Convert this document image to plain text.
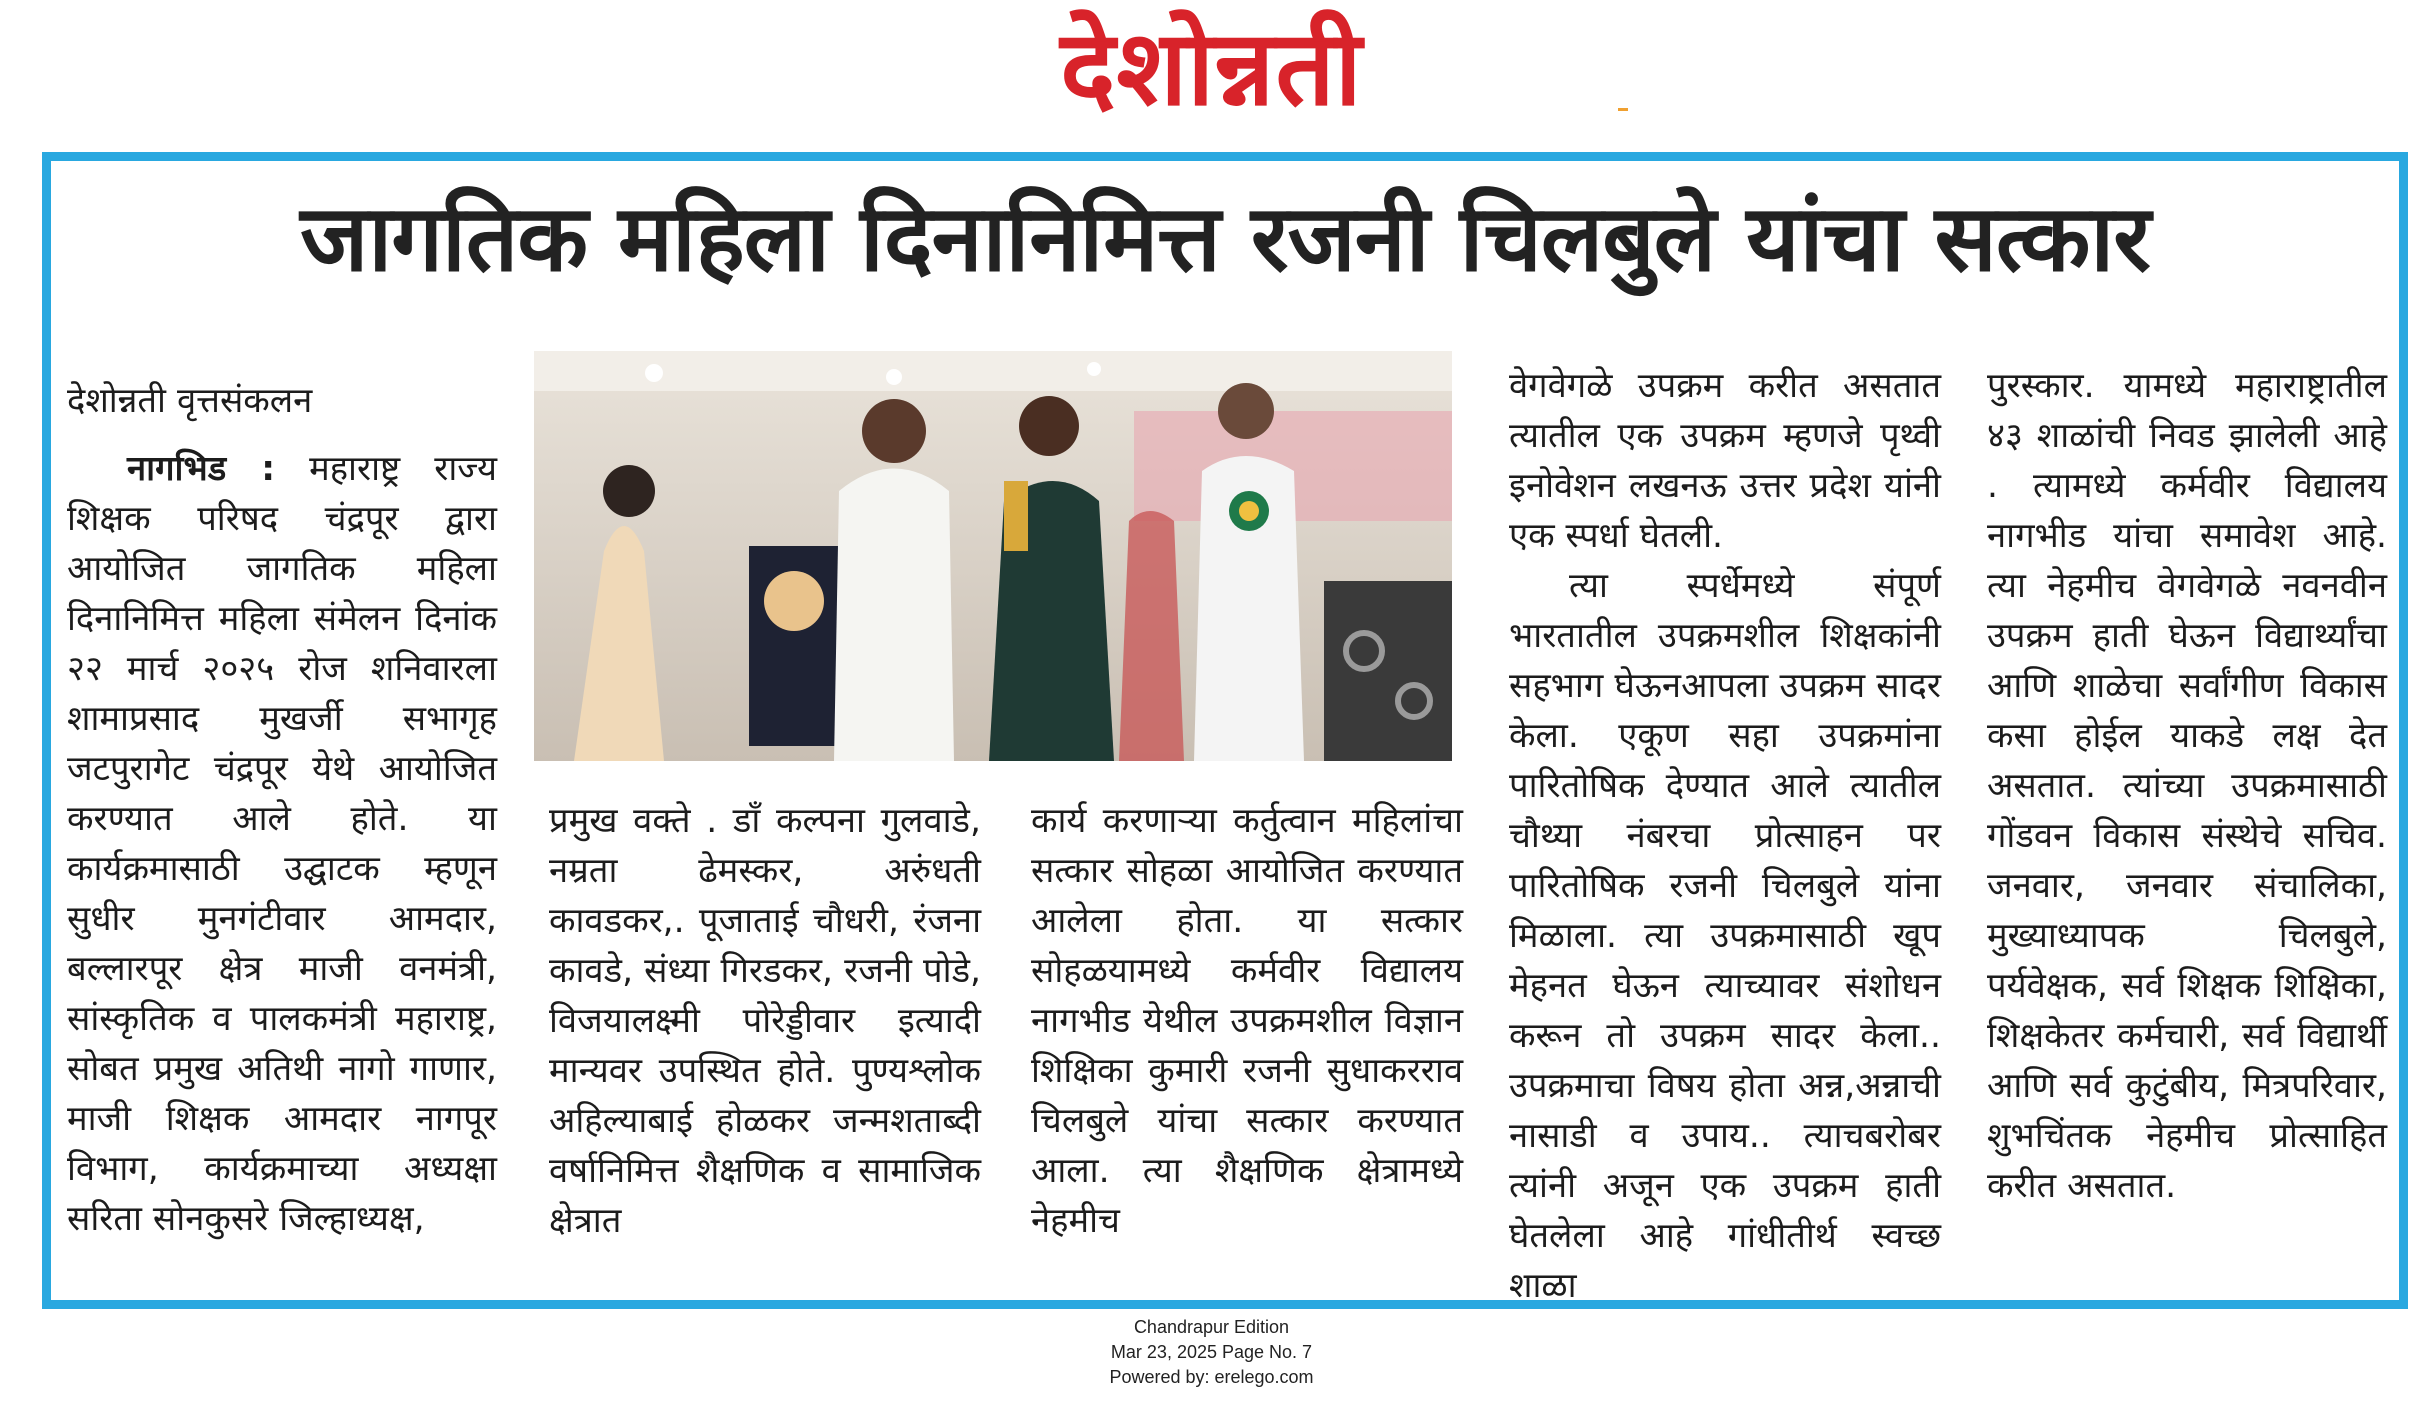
देशोन्नती
जागतिक महिला दिनानिमित्त रजनी चिलबुले यांचा सत्कार

देशोन्नती वृत्तसंकलन

नागभिड : महाराष्ट्र राज्य शिक्षक परिषद चंद्रपूर द्वारा आयोजित जागतिक महिला दिनानिमित्त महिला संमेलन दिनांक २२ मार्च २०२५ रोज शनिवारला शामाप्रसाद मुखर्जी सभागृह जटपुरागेट चंद्रपूर येथे आयोजित करण्यात आले होते. या कार्यक्रमासाठी उद्घाटक म्हणून सुधीर मुनगंटीवार आमदार, बल्लारपूर क्षेत्र माजी वनमंत्री, सांस्कृतिक व पालकमंत्री महाराष्ट्र, सोबत प्रमुख अतिथी नागो गाणार, माजी शिक्षक आमदार नागपूर विभाग, कार्यक्रमाच्या अध्यक्षा सरिता सोनकुसरे जिल्हाध्यक्ष,

प्रमुख वक्ते . डॉं कल्पना गुलवाडे, नम्रता ढेमस्कर, अरुंधती कावडकर,. पूजाताई चौधरी, रंजना कावडे, संध्या गिरडकर, रजनी पोडे, विजयालक्ष्मी पोरेड्डीवार इत्यादी मान्यवर उपस्थित होते. पुण्यश्लोक अहिल्याबाई होळकर जन्मशताब्दी वर्षानिमित्त शैक्षणिक व सामाजिक क्षेत्रात

कार्य करणाऱ्या कर्तुत्वान महिलांचा सत्कार सोहळा आयोजित करण्यात आलेला होता. या सत्कार सोहळयामध्ये कर्मवीर विद्यालय नागभीड येथील उपक्रमशील विज्ञान शिक्षिका कुमारी रजनी सुधाकरराव चिलबुले यांचा सत्कार करण्यात आला. त्या शैक्षणिक क्षेत्रामध्ये नेहमीच

वेगवेगळे उपक्रम करीत असतात त्यातील एक उपक्रम म्हणजे पृथ्वी इनोवेशन लखनऊ उत्तर प्रदेश यांनी एक स्पर्धा घेतली.

त्या स्पर्धेमध्ये संपूर्ण भारतातील उपक्रमशील शिक्षकांनी सहभाग घेऊनआपला उपक्रम सादर केला. एकूण सहा उपक्रमांना पारितोषिक देण्यात आले त्यातील चौथ्या नंबरचा प्रोत्साहन पर पारितोषिक रजनी चिलबुले यांना मिळाला. त्या उपक्रमासाठी खूप मेहनत घेऊन त्याच्यावर संशोधन करून तो उपक्रम सादर केला.. उपक्रमाचा विषय होता अन्न,अन्नाची नासाडी व उपाय.. त्याचबरोबर त्यांनी अजून एक उपक्रम हाती घेतलेला आहे गांधीतीर्थ स्वच्छ शाळा

पुरस्कार. यामध्ये महाराष्ट्रातील ४३ शाळांची निवड झालेली आहे . त्यामध्ये कर्मवीर विद्यालय नागभीड यांचा समावेश आहे. त्या नेहमीच वेगवेगळे नवनवीन उपक्रम हाती घेऊन विद्यार्थ्यांचा आणि शाळेचा सर्वांगीण विकास कसा होईल याकडे लक्ष देत असतात. त्यांच्या उपक्रमासाठी गोंडवन विकास संस्थेचे सचिव. जनवार, जनवार संचालिका, मुख्याध्यापक चिलबुले, पर्यवेक्षक, सर्व शिक्षक शिक्षिका, शिक्षकेतर कर्मचारी, सर्व विद्यार्थी आणि सर्व कुटुंबीय, मित्रपरिवार, शुभचिंतक नेहमीच प्रोत्साहित करीत असतात.

Chandrapur Edition
Mar 23, 2025 Page No. 7
Powered by: erelego.com
